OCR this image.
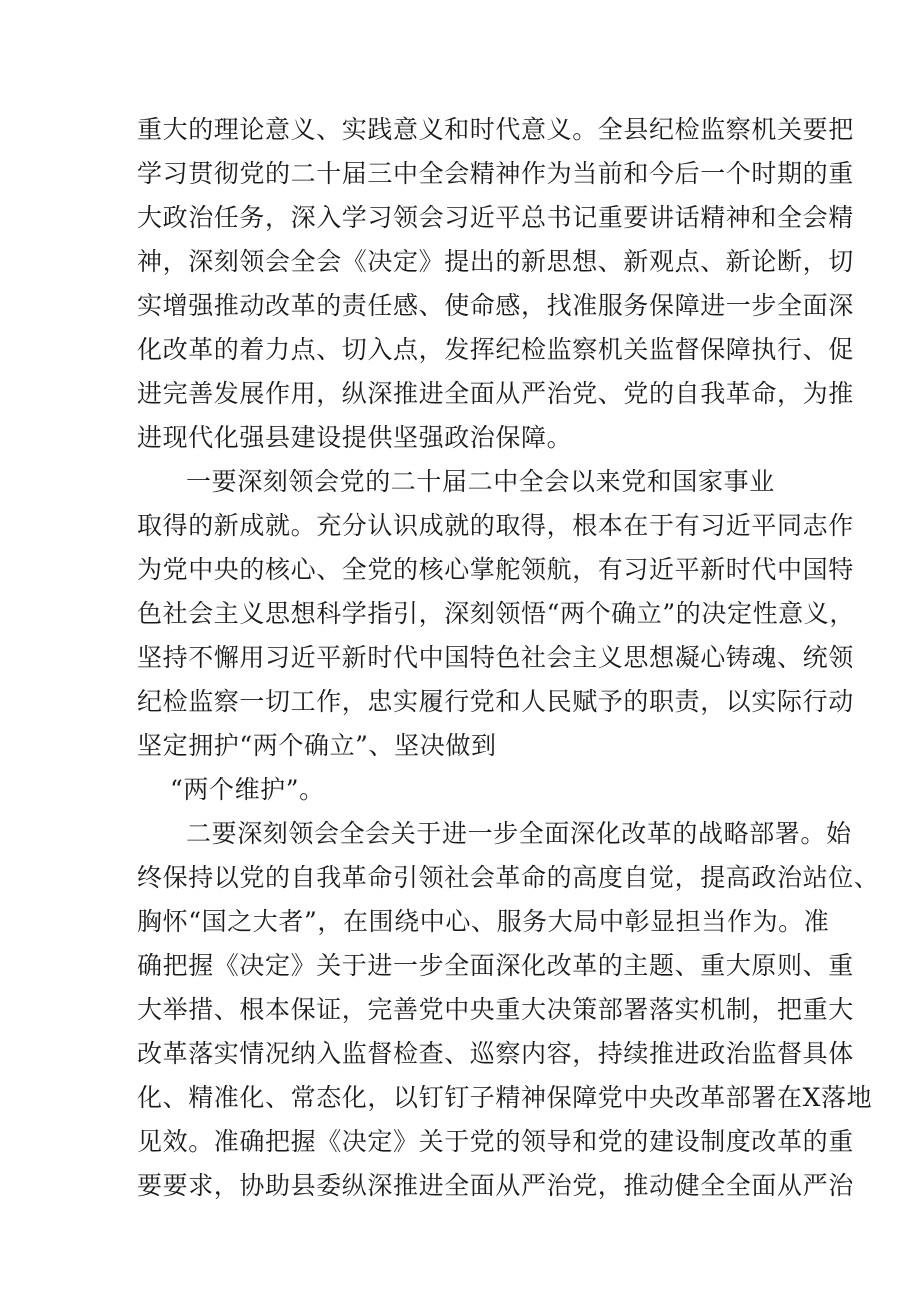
重大的理论意义、实践意义和时代意义。全县纪检监察机关要把
学习贯彻党的二十届三中全会精神作为当前和今后一个时期的重
大政治任务，深入学习领会习近平总书记重要讲话精神和全会精
神，深刻领会全会《决定》提出的新思想、新观点、新论断，切
实增强推动改革的责任感、使命感，找准服务保障进一步全面深
化改革的着力点、切入点，发挥纪检监察机关监督保障执行、促
进完善发展作用，纵深推进全面从严治党、党的自我革命，为推
进现代化强县建设提供坚强政治保障。
一要深刻领会党的二十届二中全会以来党和国家事业
取得的新成就。充分认识成就的取得，根本在于有习近平同志作
为党中央的核心、全党的核心掌舵领航，有习近平新时代中国特
色社会主义思想科学指引，深刻领悟“两个确立”的决定性意义，
坚持不懈用习近平新时代中国特色社会主义思想凝心铸魂、统领
纪检监察一切工作，忠实履行党和人民赋予的职责，以实际行动
坚定拥护“两个确立”、坚决做到
“两个维护”。
二要深刻领会全会关于进一步全面深化改革的战略部署。始
终保持以党的自我革命引领社会革命的高度自觉，提高政治站位、
胸怀“国之大者”，在围绕中心、服务大局中彰显担当作为。准
确把握《决定》关于进一步全面深化改革的主题、重大原则、重
大举措、根本保证，完善党中央重大决策部署落实机制，把重大
改革落实情况纳入监督检查、巡察内容，持续推进政治监督具体
化、精准化、常态化，以钉钉子精神保障党中央改革部署在X落地
见效。准确把握《决定》关于党的领导和党的建设制度改革的重
要要求，协助县委纵深推进全面从严治党，推动健全全面从严治
